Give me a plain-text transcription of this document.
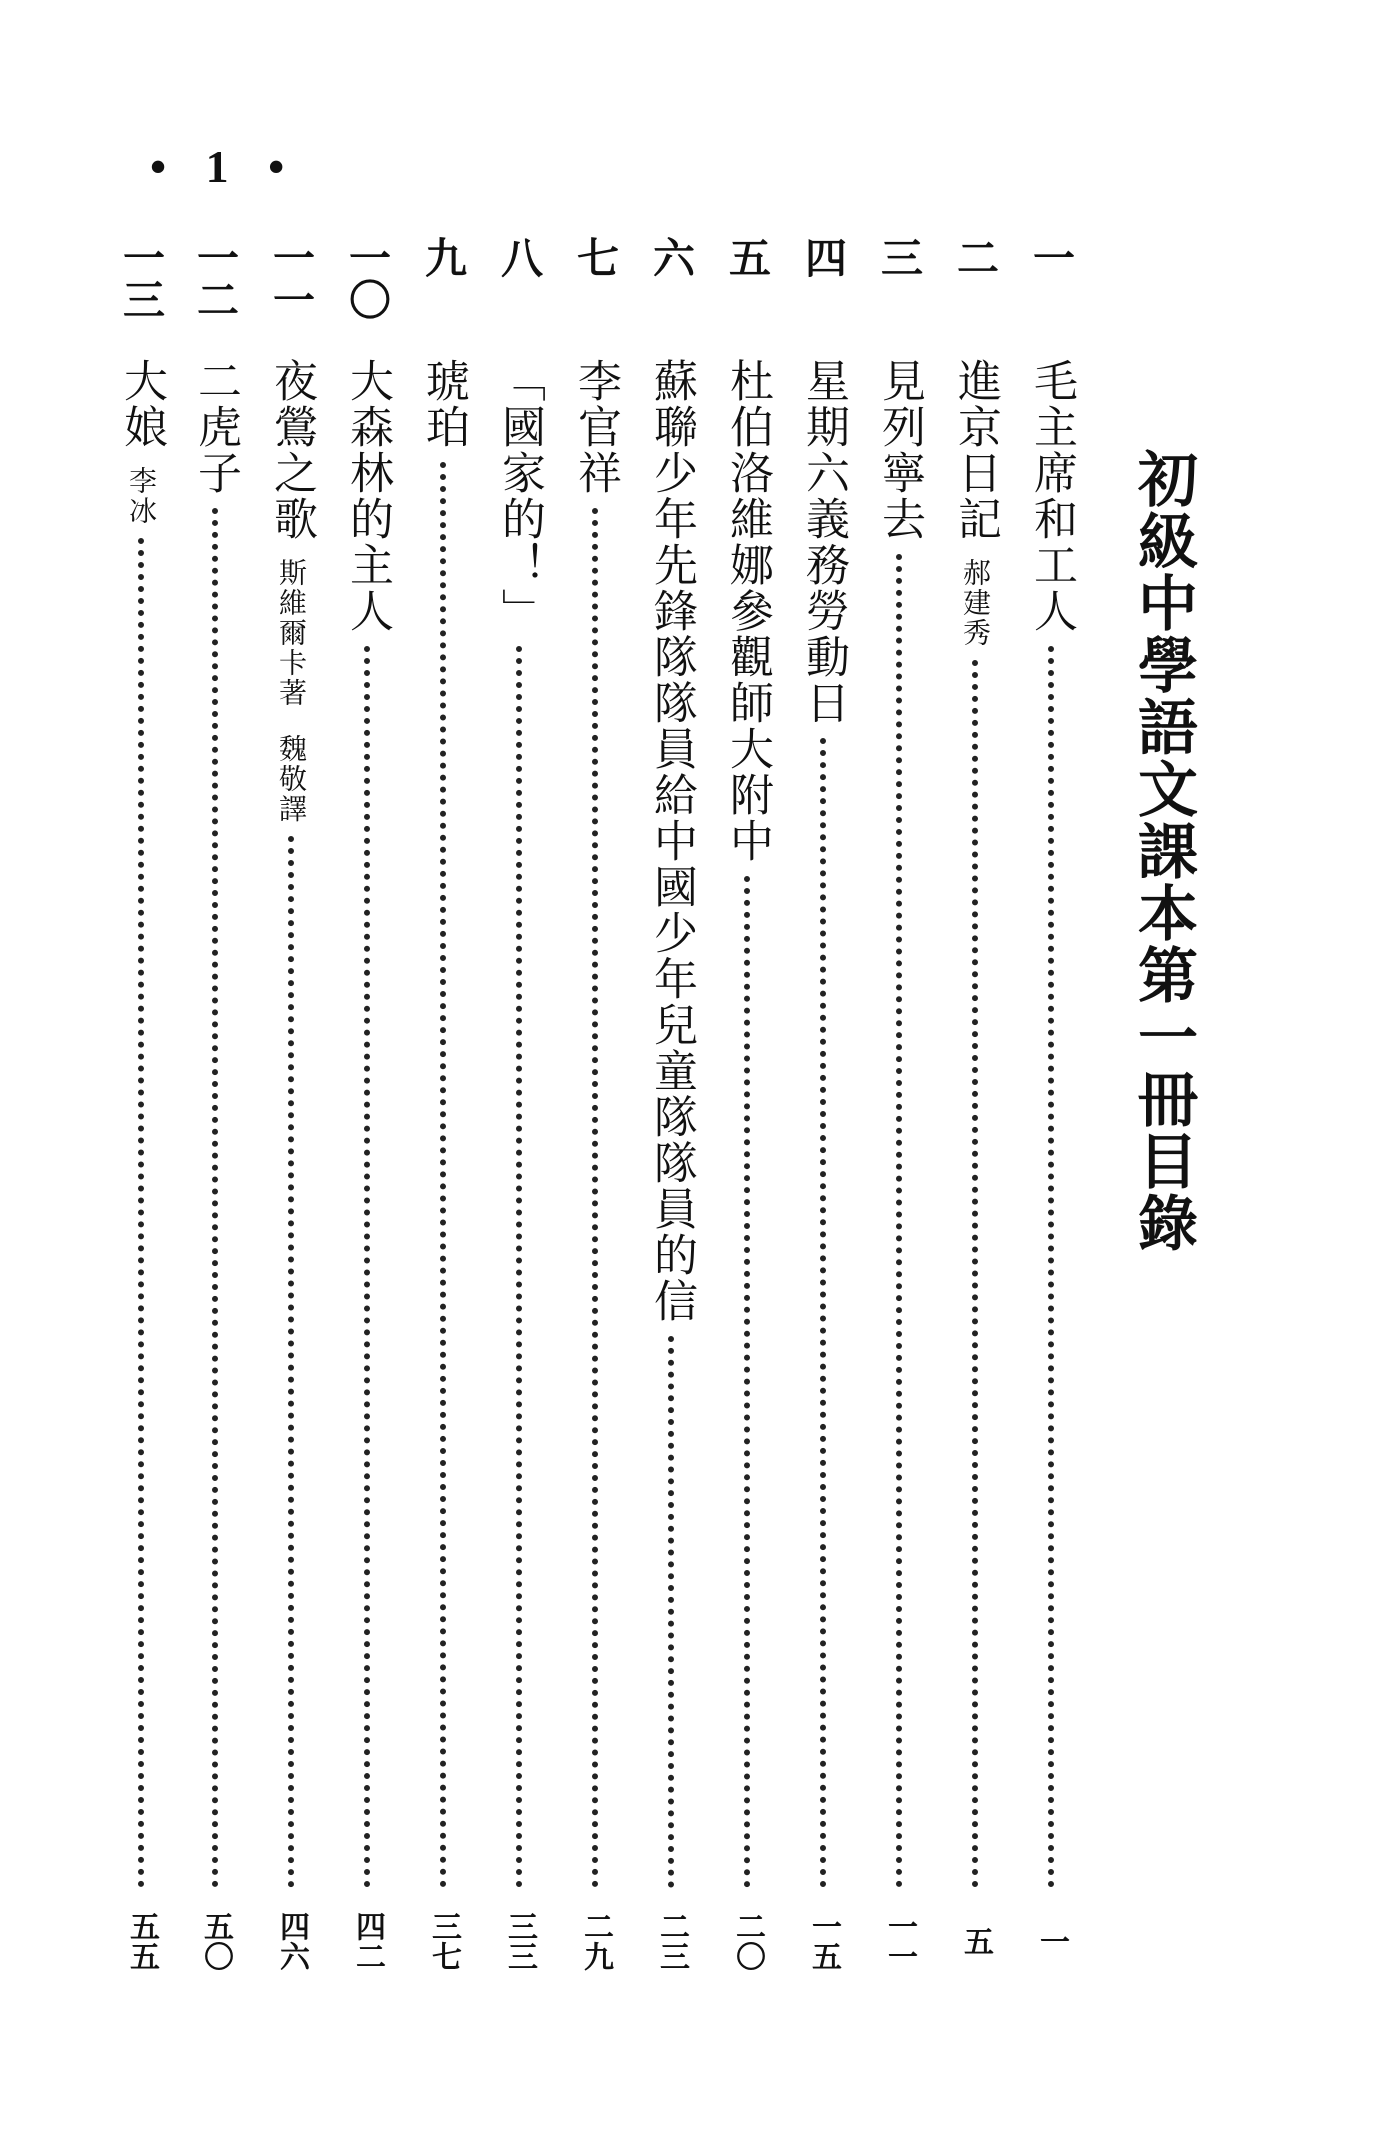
• 1 •
初級中學語文課本第一冊目錄
一
毛主席和工人
一
二
進京日記
郝建秀
五
三
見列寧去
一一
四
星期六義務勞動日
一五
五
杜伯洛維娜參觀師大附中
二〇
六
蘇聯少年先鋒隊隊員給中國少年兒童隊隊員的信
二三
七
李官祥
二九
八
「國家的！」
三三
九
琥珀
三七
一〇
大森林的主人
四二
一一
夜鶯之歌
斯維爾卡著
魏敬譯
四六
一二
二虎子
五〇
一三
大娘
李冰
五五
